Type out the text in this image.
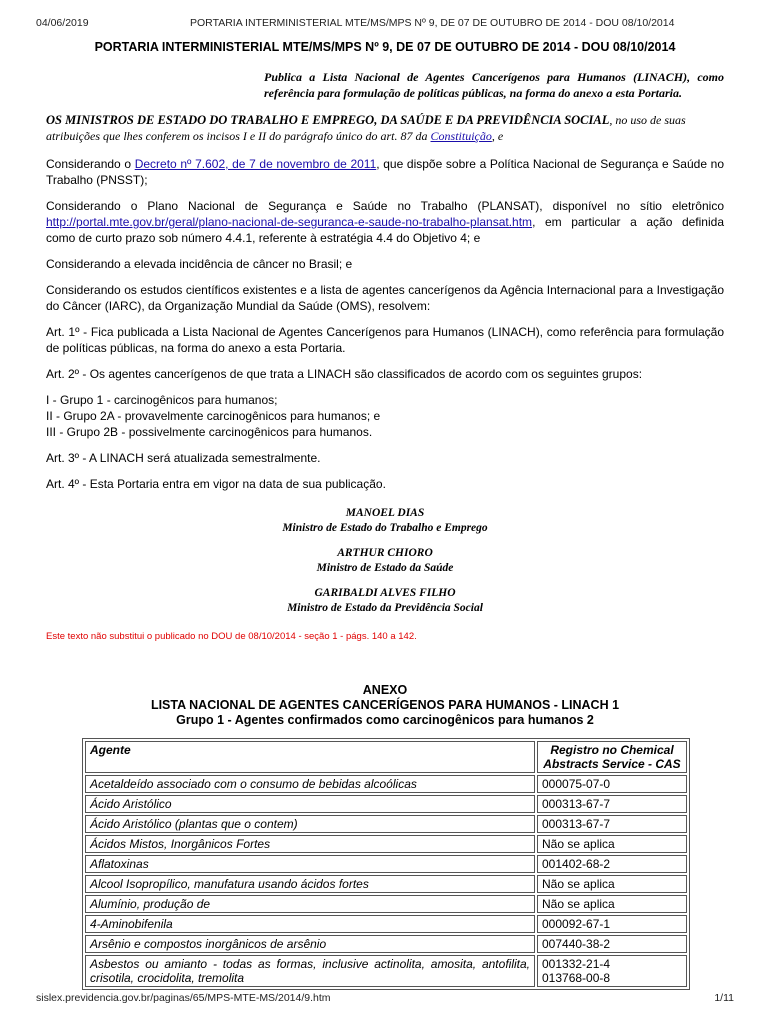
04/06/2019	PORTARIA INTERMINISTERIAL MTE/MS/MPS Nº 9, DE 07 DE OUTUBRO DE 2014 - DOU 08/10/2014
PORTARIA INTERMINISTERIAL MTE/MS/MPS Nº 9, DE 07 DE OUTUBRO DE 2014 - DOU 08/10/2014
Publica a Lista Nacional de Agentes Cancerígenos para Humanos (LINACH), como referência para formulação de políticas públicas, na forma do anexo a esta Portaria.
OS MINISTROS DE ESTADO DO TRABALHO E EMPREGO, DA SAÚDE E DA PREVIDÊNCIA SOCIAL, no uso de suas atribuições que lhes conferem os incisos I e II do parágrafo único do art. 87 da Constituição, e
Considerando o Decreto nº 7.602, de 7 de novembro de 2011, que dispõe sobre a Política Nacional de Segurança e Saúde no Trabalho (PNSST);
Considerando o Plano Nacional de Segurança e Saúde no Trabalho (PLANSAT), disponível no sítio eletrônico http://portal.mte.gov.br/geral/plano-nacional-de-seguranca-e-saude-no-trabalho-plansat.htm, em particular a ação definida como de curto prazo sob número 4.4.1, referente à estratégia 4.4 do Objetivo 4; e
Considerando a elevada incidência de câncer no Brasil; e
Considerando os estudos científicos existentes e a lista de agentes cancerígenos da Agência Internacional para a Investigação do Câncer (IARC), da Organização Mundial da Saúde (OMS), resolvem:
Art. 1º - Fica publicada a Lista Nacional de Agentes Cancerígenos para Humanos (LINACH), como referência para formulação de políticas públicas, na forma do anexo a esta Portaria.
Art. 2º - Os agentes cancerígenos de que trata a LINACH são classificados de acordo com os seguintes grupos:
I - Grupo 1 - carcinogênicos para humanos;
II - Grupo 2A - provavelmente carcinogênicos para humanos; e
III - Grupo 2B - possivelmente carcinogênicos para humanos.
Art. 3º - A LINACH será atualizada semestralmente.
Art. 4º - Esta Portaria entra em vigor na data de sua publicação.
MANOEL DIAS
Ministro de Estado do Trabalho e Emprego
ARTHUR CHIORO
Ministro de Estado da Saúde
GARIBALDI ALVES FILHO
Ministro de Estado da Previdência Social
Este texto não substitui o publicado no DOU de 08/10/2014 - seção 1 - págs. 140 a 142.
ANEXO
LISTA NACIONAL DE AGENTES CANCERÍGENOS PARA HUMANOS - LINACH 1
Grupo 1 - Agentes confirmados como carcinogênicos para humanos 2
Agente	Registro no Chemical Abstracts Service - CAS
Acetaldeído associado com o consumo de bebidas alcoólicas	000075-07-0
Ácido Aristólico	000313-67-7
Ácido Aristólico (plantas que o contem)	000313-67-7
Ácidos Mistos, Inorgânicos Fortes	Não se aplica
Aflatoxinas	001402-68-2
Alcool Isopropílico, manufatura usando ácidos fortes	Não se aplica
Alumínio, produção de	Não se aplica
4-Aminobifenila	000092-67-1
Arsênio e compostos inorgânicos de arsênio	007440-38-2
Asbestos ou amianto - todas as formas, inclusive actinolita, amosita, antofilita, crisotila, crocidolita, tremolita	001332-21-4
013768-00-8
sislex.previdencia.gov.br/paginas/65/MPS-MTE-MS/2014/9.htm	1/11
